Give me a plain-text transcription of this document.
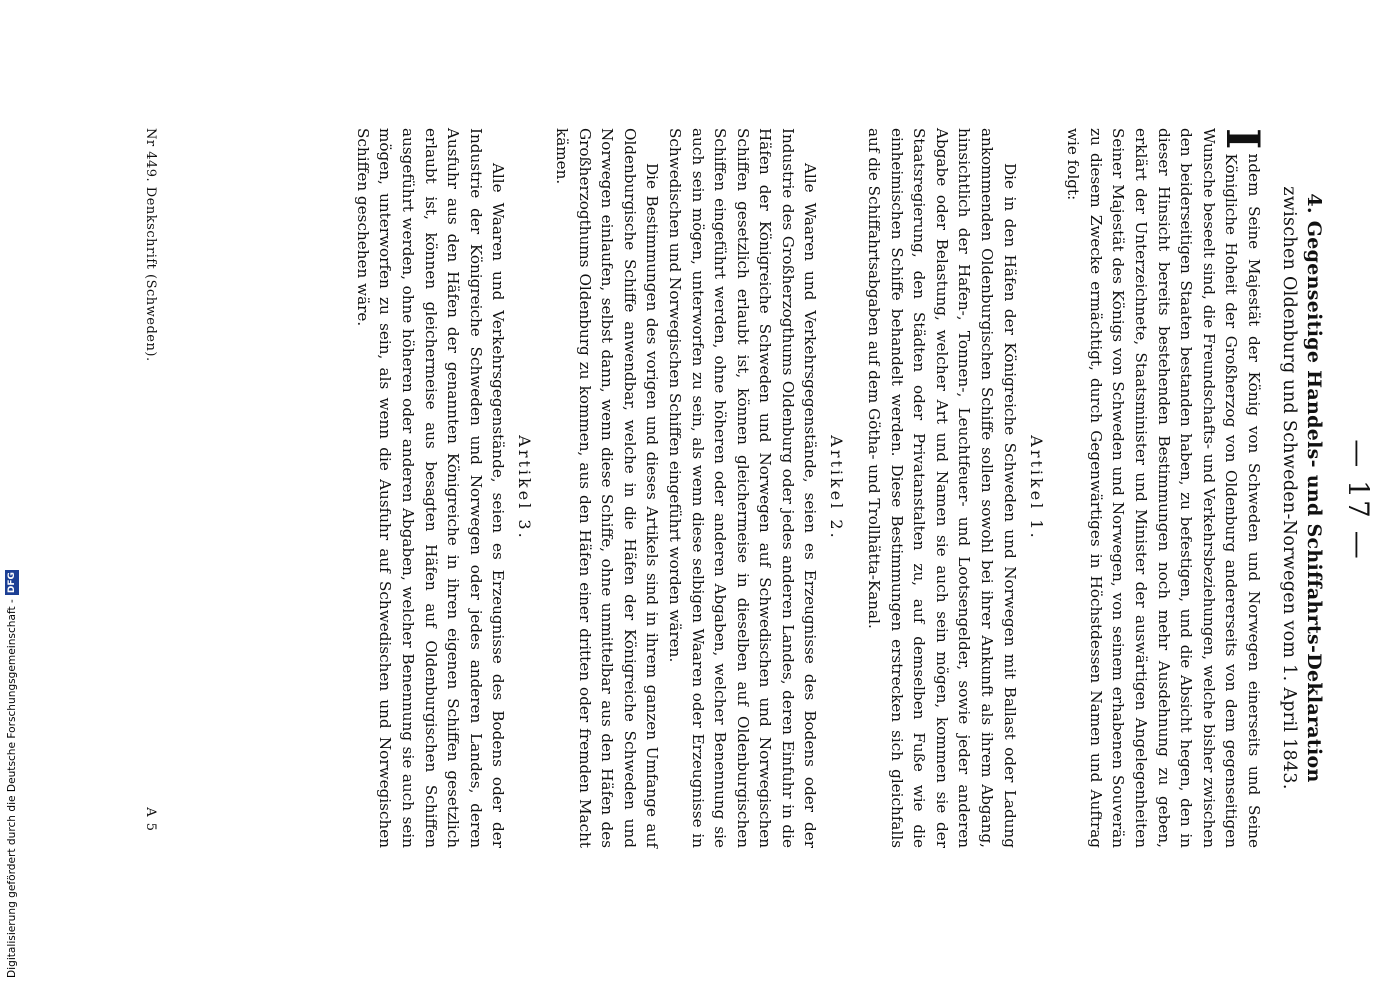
Digitalisierung gefördert durch die Deutsche Forschungsgemeinschaft -
DFG
— 17 —
4. Gegenseitige Handels- und Schiffahrts-Deklaration
zwischen Oldenburg und Schweden-Norwegen vom 1. April 1843.

I
ndem Seine Majestät der König von Schweden und Norwegen einerseits und Seine Königliche Hoheit der Großherzog von Oldenburg andererseits von dem gegenseitigen Wunsche beseelt sind, die Freundschafts- und Verkehrsbeziehungen, welche bisher zwischen den beiderseitigen Staaten bestanden haben, zu befestigen, und die Absicht hegen, den in dieser Hinsicht bereits bestehenden Bestimmungen noch mehr Ausdehnung zu geben, erklärt der Unterzeichnete, Staatsminister und Minister der auswärtigen Angelegenheiten Seiner Majestät des Königs von Schweden und Norwegen, von seinem erhabenen Souverän zu diesem Zwecke ermächtigt, durch Gegenwärtiges in Höchstdessen Namen und Auftrag wie folgt:

Artikel 1.

Die in den Häfen der Königreiche Schweden und Norwegen mit Ballast oder Ladung ankommenden Oldenburgischen Schiffe sollen sowohl bei ihrer Ankunft als ihrem Abgang, hinsichtlich der Hafen-, Tonnen-, Leuchtfeuer- und Lootsengelder, sowie jeder anderen Abgabe oder Belastung, welcher Art und Namen sie auch sein mögen, kommen sie der Staatsregierung, den Städten oder Privatanstalten zu, auf demselben Fuße wie die einheimischen Schiffe behandelt werden. Diese Bestimmungen erstrecken sich gleichfalls auf die Schiffahrtsabgaben auf dem Götha- und Trollhätta-Kanal.

Artikel 2.

Alle Waaren und Verkehrsgegenstände, seien es Erzeugnisse des Bodens oder der Industrie des Großherzogthums Oldenburg oder jedes anderen Landes, deren Einfuhr in die Häfen der Königreiche Schweden und Norwegen auf Schwedischen und Norwegischen Schiffen gesetzlich erlaubt ist, können gleichermeise in dieselben auf Oldenburgischen Schiffen eingeführt werden, ohne höheren oder anderen Abgaben, welcher Benennung sie auch sein mögen, unterworfen zu sein, als wenn diese selbigen Waaren oder Erzeugnisse in Schwedischen und Norwegischen Schiffen eingeführt worden wären.

Die Bestimmungen des vorigen und dieses Artikels sind in ihrem ganzen Umfange auf Oldenburgische Schiffe anwendbar, welche in die Häfen der Königreiche Schweden und Norwegen einlaufen, selbst dann, wenn diese Schiffe, ohne unmittelbar aus den Häfen des Großherzogthums Oldenburg zu kommen, aus den Häfen einer dritten oder fremden Macht kämen.

Artikel 3.

Alle Waaren und Verkehrsgegenstände, seien es Erzeugnisse des Bodens oder der Industrie der Königreiche Schweden und Norwegen oder jedes anderen Landes, deren Ausfuhr aus den Häfen der genannten Königreiche in ihren eigenen Schiffen gesetzlich erlaubt ist, können gleichermeise aus besagten Häfen auf Oldenburgischen Schiffen ausgeführt werden, ohne höheren oder anderen Abgaben, welcher Benennung sie auch sein mögen, unterworfen zu sein, als wenn die Ausfuhr auf Schwedischen und Norwegischen Schiffen geschehen wäre.

Nr 449. Denkschrift (Schweden).
A 5
